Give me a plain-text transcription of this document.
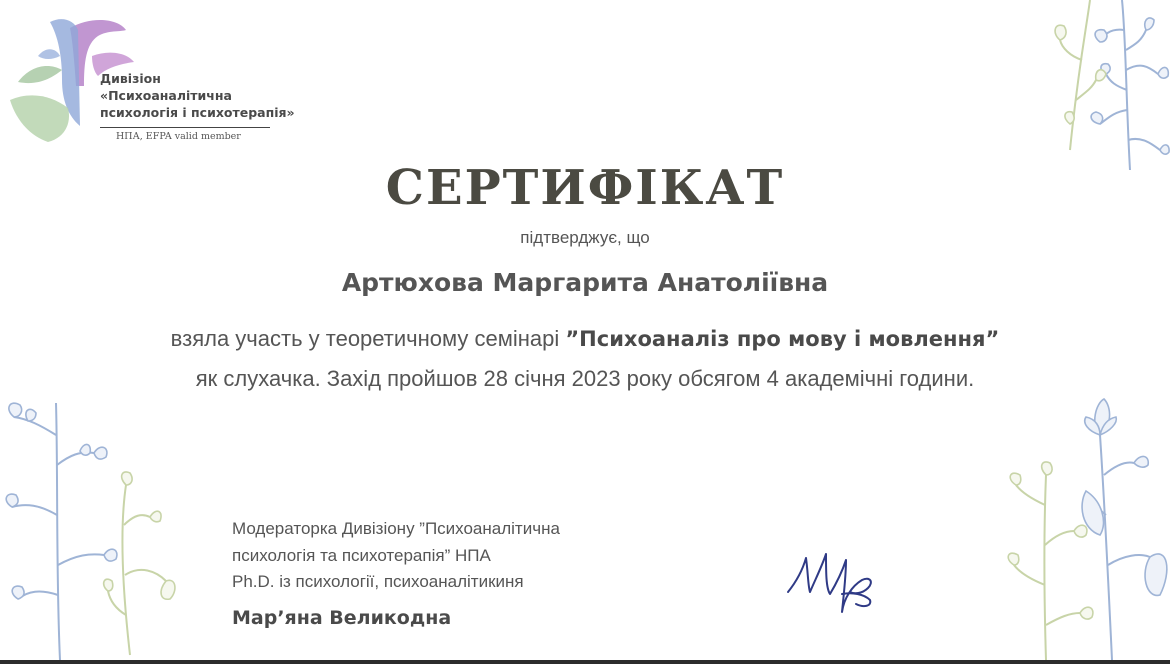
Дивізіон
«Психоаналітична
психологія і психотерапія»
НПА, EFPA valid member
СЕРТИФІКАТ
підтверджує, що
Артюхова Маргарита Анатоліївна
взяла участь у теоретичному семінарі ”Психоаналіз про мову і мовлення”
як слухачка. Захід пройшов 28 січня 2023 року обсягом 4 академічні години.
Модераторка Дивізіону ”Психоаналітична
психологія та психотерапія” НПА
Ph.D. із психології, психоаналітикиня
Мар’яна Великодна
